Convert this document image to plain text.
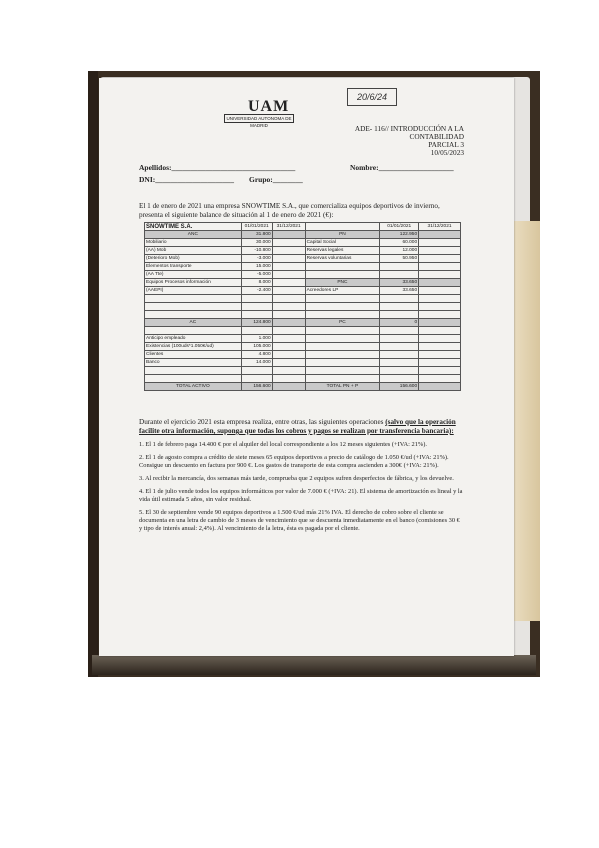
20/6/24
UAM
UNIVERSIDAD AUTONOMA DE MADRID	ADE- 116// INTRODUCCIÓN A LA
CONTABILIDAD
PARCIAL 3
10/05/2023
Apellidos:_________________________________	Nombre:____________________
DNI:_____________________ Grupo:________
El 1 de enero de 2021 una empresa SNOWTIME S.A., que comercializa equipos deportivos de invierno, presenta el siguiente balance de situación al 1 de enero de 2021 (€):
SNOWTIME S.A.	01/01/2021	31/12/2021		01/01/2021	31/12/2021
ANC	31.800		PN	122.950	
Mobiliario	30.000		Capital Social	60.000	
(AA) Mob	-10.800		Reservas legales	12.000	
(Deterioro Mob)	-3.000		Reservas voluntarias	50.950	
Elementos transporte	15.000				
(AA Tte)	-5.000				
Equipos Procesos información	8.000		PNC	33.650	
(AAEPI)	-2.400		Acreedores LP	33.650	

AC	124.800		PC	0	

Anticipo empleado	1.000				
Existencias (100uds*1.050€/ud)	105.000				
Clientes	4.800				
Banco	14.000				

TOTAL ACTIVO	156.600		TOTAL PN + P	156.600	

Durante el ejercicio 2021 esta empresa realiza, entre otras, las siguientes operaciones (salvo que la operación facilite otra información, suponga que todas los cobros y pagos se realizan por transferencia bancaria):

1. El 1 de febrero paga 14.400 € por el alquiler del local correspondiente a los 12 meses siguientes (+IVA: 21%).

2. El 1 de agosto compra a crédito de siete meses 65 equipos deportivos a precio de catálogo de 1.050 €/ud (+IVA: 21%). Consigue un descuento en factura por 900 €. Los gastos de transporte de esta compra ascienden a 300€ (+IVA: 21%).

3. Al recibir la mercancía, dos semanas más tarde, comprueba que 2 equipos sufren desperfectos de fábrica, y los devuelve.

4. El 1 de julio vende todos los equipos informáticos por valor de 7.000 € (+IVA: 21). El sistema de amortización es lineal y la vida útil estimada 5 años, sin valor residual.

5. El 30 de septiembre vende 90 equipos deportivos a 1.500 €/ud más 21% IVA. El derecho de cobro sobre el cliente se documenta en una letra de cambio de 3 meses de vencimiento que se descuenta inmediatamente en el banco (comisiones 30 € y tipo de interés anual: 2,4%). Al vencimiento de la letra, ésta es pagada por el cliente.
